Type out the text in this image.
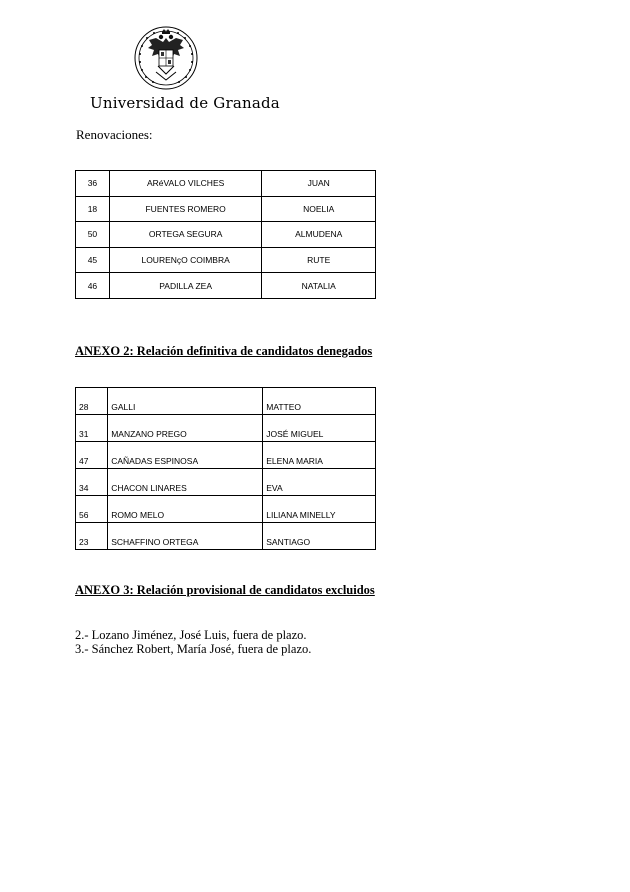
Universidad de Granada
Renovaciones:
36	ARéVALO VILCHES	JUAN
18	FUENTES ROMERO	NOELIA
50	ORTEGA SEGURA	ALMUDENA
45	LOURENçO COIMBRA	RUTE
46	PADILLA ZEA	NATALIA
ANEXO 2: Relación definitiva de candidatos denegados
28	GALLI	MATTEO
31	MANZANO PREGO	JOSÉ MIGUEL
47	CAÑADAS ESPINOSA	ELENA MARIA
34	CHACON LINARES	EVA
56	ROMO MELO	LILIANA MINELLY
23	SCHAFFINO ORTEGA	SANTIAGO
ANEXO 3: Relación provisional de candidatos excluidos
2.- Lozano Jiménez, José Luis, fuera de plazo.
3.- Sánchez Robert, María José, fuera de plazo.
